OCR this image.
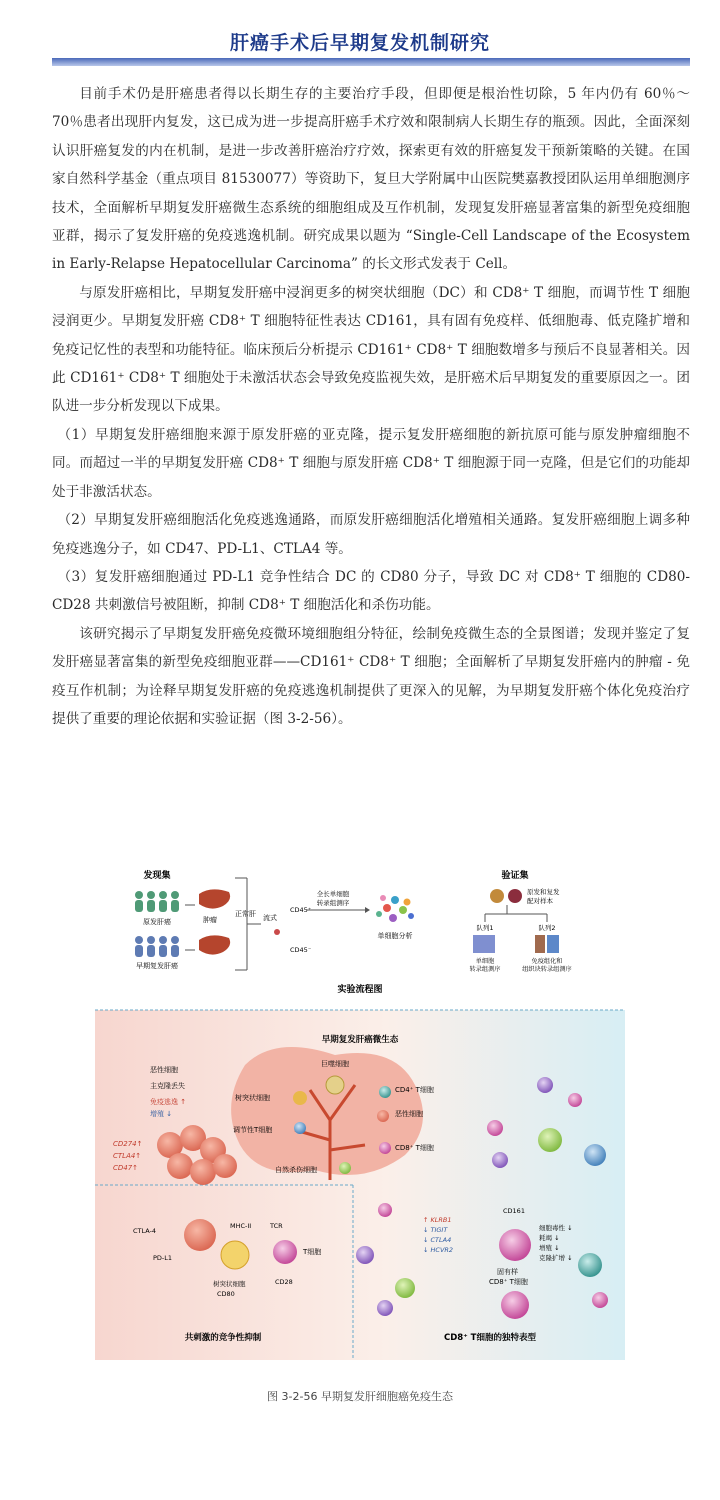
肝癌手术后早期复发机制研究

目前手术仍是肝癌患者得以长期生存的主要治疗手段，但即便是根治性切除，5 年内仍有 60％～ 70％患者出现肝内复发，这已成为进一步提高肝癌手术疗效和限制病人长期生存的瓶颈。因此，全面深刻认识肝癌复发的内在机制，是进一步改善肝癌治疗疗效，探索更有效的肝癌复发干预新策略的关键。在国家自然科学基金（重点项目 81530077）等资助下，复旦大学附属中山医院樊嘉教授团队运用单细胞测序技术，全面解析早期复发肝癌微生态系统的细胞组成及互作机制，发现复发肝癌显著富集的新型免疫细胞亚群，揭示了复发肝癌的免疫逃逸机制。研究成果以题为 “Single-Cell Landscape of the Ecosystem in Early-Relapse Hepatocellular Carcinoma” 的长文形式发表于 Cell。

与原发肝癌相比，早期复发肝癌中浸润更多的树突状细胞（DC）和 CD8⁺ T 细胞，而调节性 T 细胞浸润更少。早期复发肝癌 CD8⁺ T 细胞特征性表达 CD161，具有固有免疫样、低细胞毒、低克隆扩增和免疫记忆性的表型和功能特征。临床预后分析提示 CD161⁺ CD8⁺ T 细胞数增多与预后不良显著相关。因此 CD161⁺ CD8⁺ T 细胞处于未激活状态会导致免疫监视失效，是肝癌术后早期复发的重要原因之一。团队进一步分析发现以下成果。

（1）早期复发肝癌细胞来源于原发肝癌的亚克隆，提示复发肝癌细胞的新抗原可能与原发肿瘤细胞不同。而超过一半的早期复发肝癌 CD8⁺ T 细胞与原发肝癌 CD8⁺ T 细胞源于同一克隆，但是它们的功能却处于非激活状态。

（2）早期复发肝癌细胞活化免疫逃逸通路，而原发肝癌细胞活化增殖相关通路。复发肝癌细胞上调多种免疫逃逸分子，如 CD47、PD-L1、CTLA4 等。

（3）复发肝癌细胞通过 PD-L1 竞争性结合 DC 的 CD80 分子，导致 DC 对 CD8⁺ T 细胞的 CD80-CD28 共刺激信号被阻断，抑制 CD8⁺ T 细胞活化和杀伤功能。

该研究揭示了早期复发肝癌免疫微环境细胞组分特征，绘制免疫微生态的全景图谱；发现并鉴定了复发肝癌显著富集的新型免疫细胞亚群——CD161⁺ CD8⁺ T 细胞；全面解析了早期复发肝癌内的肿瘤 - 免疫互作机制；为诠释早期复发肝癌的免疫逃逸机制提供了更深入的见解，为早期复发肝癌个体化免疫治疗提供了重要的理论依据和实验证据（图 3-2-56）。

发现集
原发肝癌
早期复发肝癌
肿瘤
正常肝 流式
CD45⁺
CD45⁻
全长单细胞
转录组测序
单细胞分析
验证集
原发和复发
配对样本
队列1	队列2
单细胞
转录组测序
免疫组化和
组织块转录组测序
实验流程图
早期复发肝癌微生态
巨噬细胞
树突状细胞
调节性T细胞
CD4⁺ T细胞
恶性细胞
CD8⁺ T细胞
自然杀伤细胞
恶性细胞
主克隆丢失
免疫逃逸 ↑
增殖 ↓
CD274↑
CTLA4↑
CD47↑
CTLA-4
PD-L1
MHC-II	TCR
T细胞
树突状细胞
CD80
CD28
共刺激的竞争性抑制
CD161
↑ KLRB1
↓ TIGIT
↓ CTLA4
↓ HCVR2
细胞毒性 ↓
耗竭 ↓
增殖 ↓
克隆扩增 ↓
固有样
CD8⁺ T细胞
CD8⁺ T细胞的独特表型
图 3-2-56 早期复发肝细胞癌免疫生态
